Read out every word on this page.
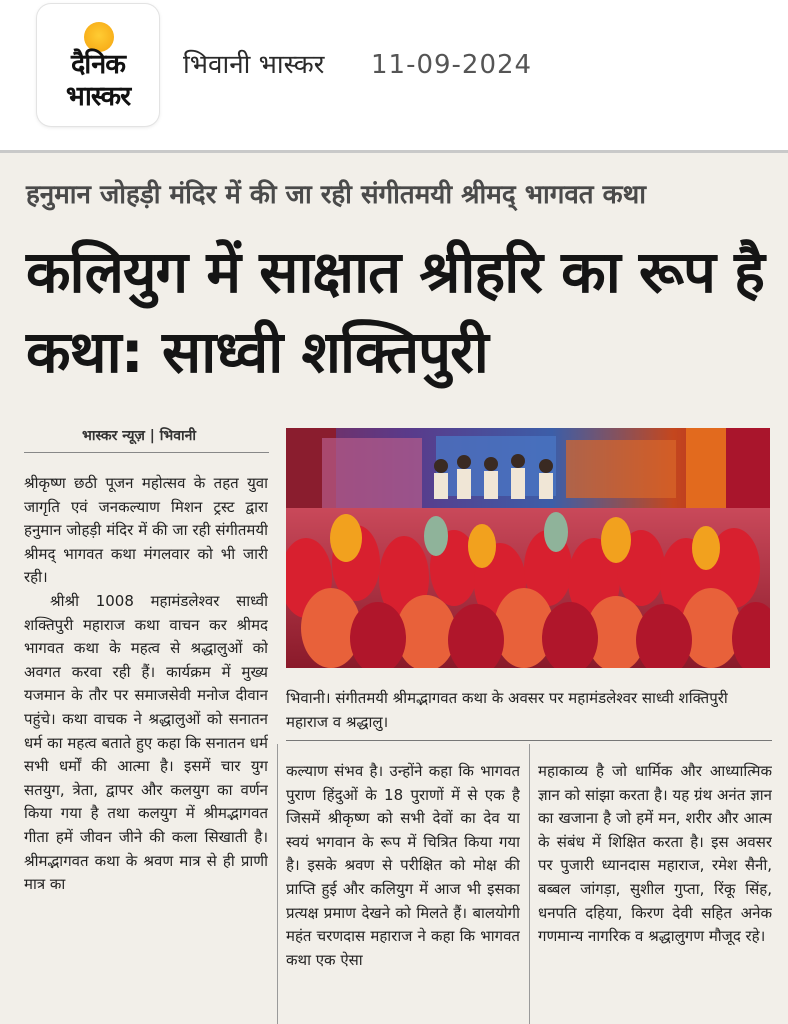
दैनिक
भास्कर
भिवानी भास्कर 11-09-2024
हनुमान जोहड़ी मंदिर में की जा रही संगीतमयी श्रीमद् भागवत कथा
कलियुग में साक्षात श्रीहरि का रूप है कथा: साध्वी शक्तिपुरी
भास्कर न्यूज़ | भिवानी

श्रीकृष्ण छठी पूजन महोत्सव के तहत युवा जागृति एवं जनकल्याण मिशन ट्रस्ट द्वारा हनुमान जोहड़ी मंदिर में की जा रही संगीतमयी श्रीमद् भागवत कथा मंगलवार को भी जारी रही।

श्रीश्री 1008 महामंडलेश्वर साध्वी शक्तिपुरी महाराज कथा वाचन कर श्रीमद भागवत कथा के महत्व से श्रद्धालुओं को अवगत करवा रही हैं। कार्यक्रम में मुख्य यजमान के तौर पर समाजसेवी मनोज दीवान पहुंचे। कथा वाचक ने श्रद्धालुओं को सनातन धर्म का महत्व बताते हुए कहा कि सनातन धर्म सभी धर्मों की आत्मा है। इसमें चार युग सतयुग, त्रेता, द्वापर और कलयुग का वर्णन किया गया है तथा कलयुग में श्रीमद्भागवत गीता हमें जीवन जीने की कला सिखाती है। श्रीमद्भागवत कथा के श्रवण मात्र से ही प्राणी मात्र का

भिवानी। संगीतमयी श्रीमद्भागवत कथा के अवसर पर महामंडलेश्वर साध्वी शक्तिपुरी महाराज व श्रद्धालु।

कल्याण संभव है। उन्होंने कहा कि भागवत पुराण हिंदुओं के 18 पुराणों में से एक है जिसमें श्रीकृष्ण को सभी देवों का देव या स्वयं भगवान के रूप में चित्रित किया गया है। इसके श्रवण से परीक्षित को मोक्ष की प्राप्ति हुई और कलियुग में आज भी इसका प्रत्यक्ष प्रमाण देखने को मिलते हैं। बालयोगी महंत चरणदास महाराज ने कहा कि भागवत कथा एक ऐसा

महाकाव्य है जो धार्मिक और आध्यात्मिक ज्ञान को सांझा करता है। यह ग्रंथ अनंत ज्ञान का खजाना है जो हमें मन, शरीर और आत्म के संबंध में शिक्षित करता है। इस अवसर पर पुजारी ध्यानदास महाराज, रमेश सैनी, बब्बल जांगड़ा, सुशील गुप्ता, रिंकू सिंह, धनपति दहिया, किरण देवी सहित अनेक गणमान्य नागरिक व श्रद्धालुगण मौजूद रहे।
